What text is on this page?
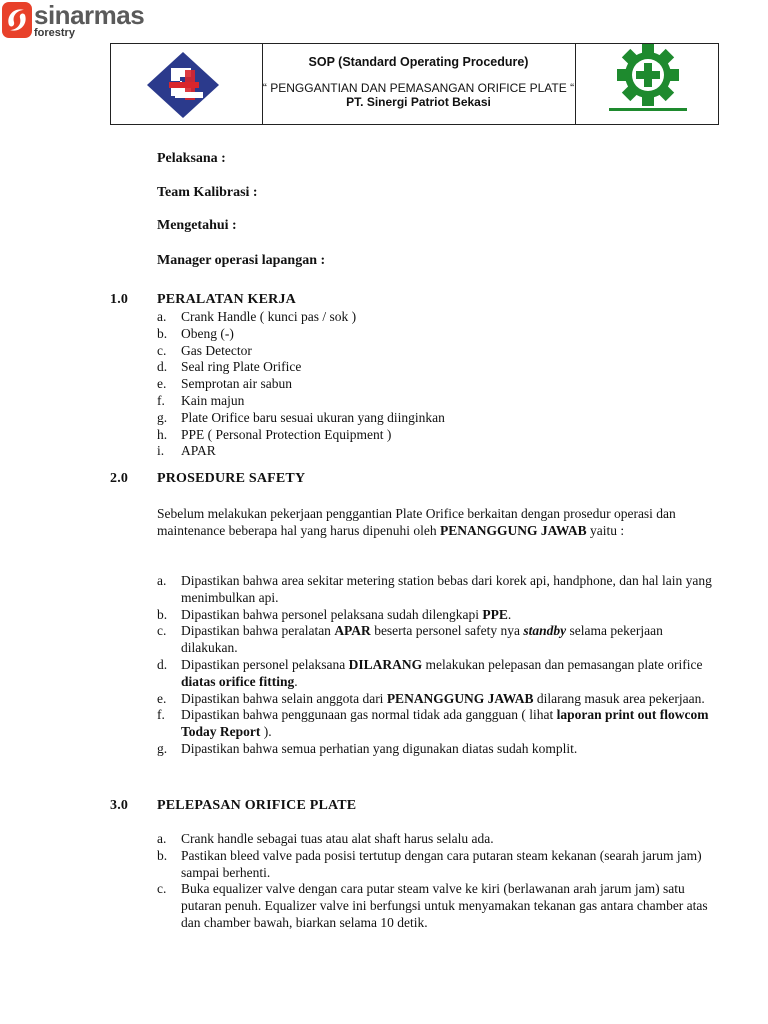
sinarmas
forestry
SOP (Standard Operating Procedure)
“ PENGGANTIAN DAN PEMASANGAN ORIFICE PLATE “
PT. Sinergi Patriot Bekasi
Pelaksana :
Team Kalibrasi :
Mengetahui :
Manager operasi lapangan :
1.0 PERALATAN KERJA
a. Crank Handle ( kunci pas / sok )
b. Obeng (-)
c. Gas Detector
d. Seal ring Plate Orifice
e. Semprotan air sabun
f. Kain majun
g. Plate Orifice baru sesuai ukuran yang diinginkan
h. PPE ( Personal Protection Equipment )
i. APAR
2.0 PROSEDURE SAFETY
Sebelum melakukan pekerjaan penggantian Plate Orifice berkaitan dengan prosedur operasi dan maintenance beberapa hal yang harus dipenuhi oleh PENANGGUNG JAWAB yaitu :
a. Dipastikan bahwa area sekitar metering station bebas dari korek api, handphone, dan hal lain yang menimbulkan api.
b. Dipastikan bahwa personel pelaksana sudah dilengkapi PPE.
c. Dipastikan bahwa peralatan APAR beserta personel safety nya standby selama pekerjaan dilakukan.
d. Dipastikan personel pelaksana DILARANG melakukan pelepasan dan pemasangan plate orifice diatas orifice fitting.
e. Dipastikan bahwa selain anggota dari PENANGGUNG JAWAB dilarang masuk area pekerjaan.
f. Dipastikan bahwa penggunaan gas normal tidak ada gangguan ( lihat laporan print out flowcom Today Report ).
g. Dipastikan bahwa semua perhatian yang digunakan diatas sudah komplit.
3.0 PELEPASAN ORIFICE PLATE
a. Crank handle sebagai tuas atau alat shaft harus selalu ada.
b. Pastikan bleed valve pada posisi tertutup dengan cara putaran steam kekanan (searah jarum jam) sampai berhenti.
c. Buka equalizer valve dengan cara putar steam valve ke kiri (berlawanan arah jarum jam) satu putaran penuh. Equalizer valve ini berfungsi untuk menyamakan tekanan gas antara chamber atas dan chamber bawah, biarkan selama 10 detik.
